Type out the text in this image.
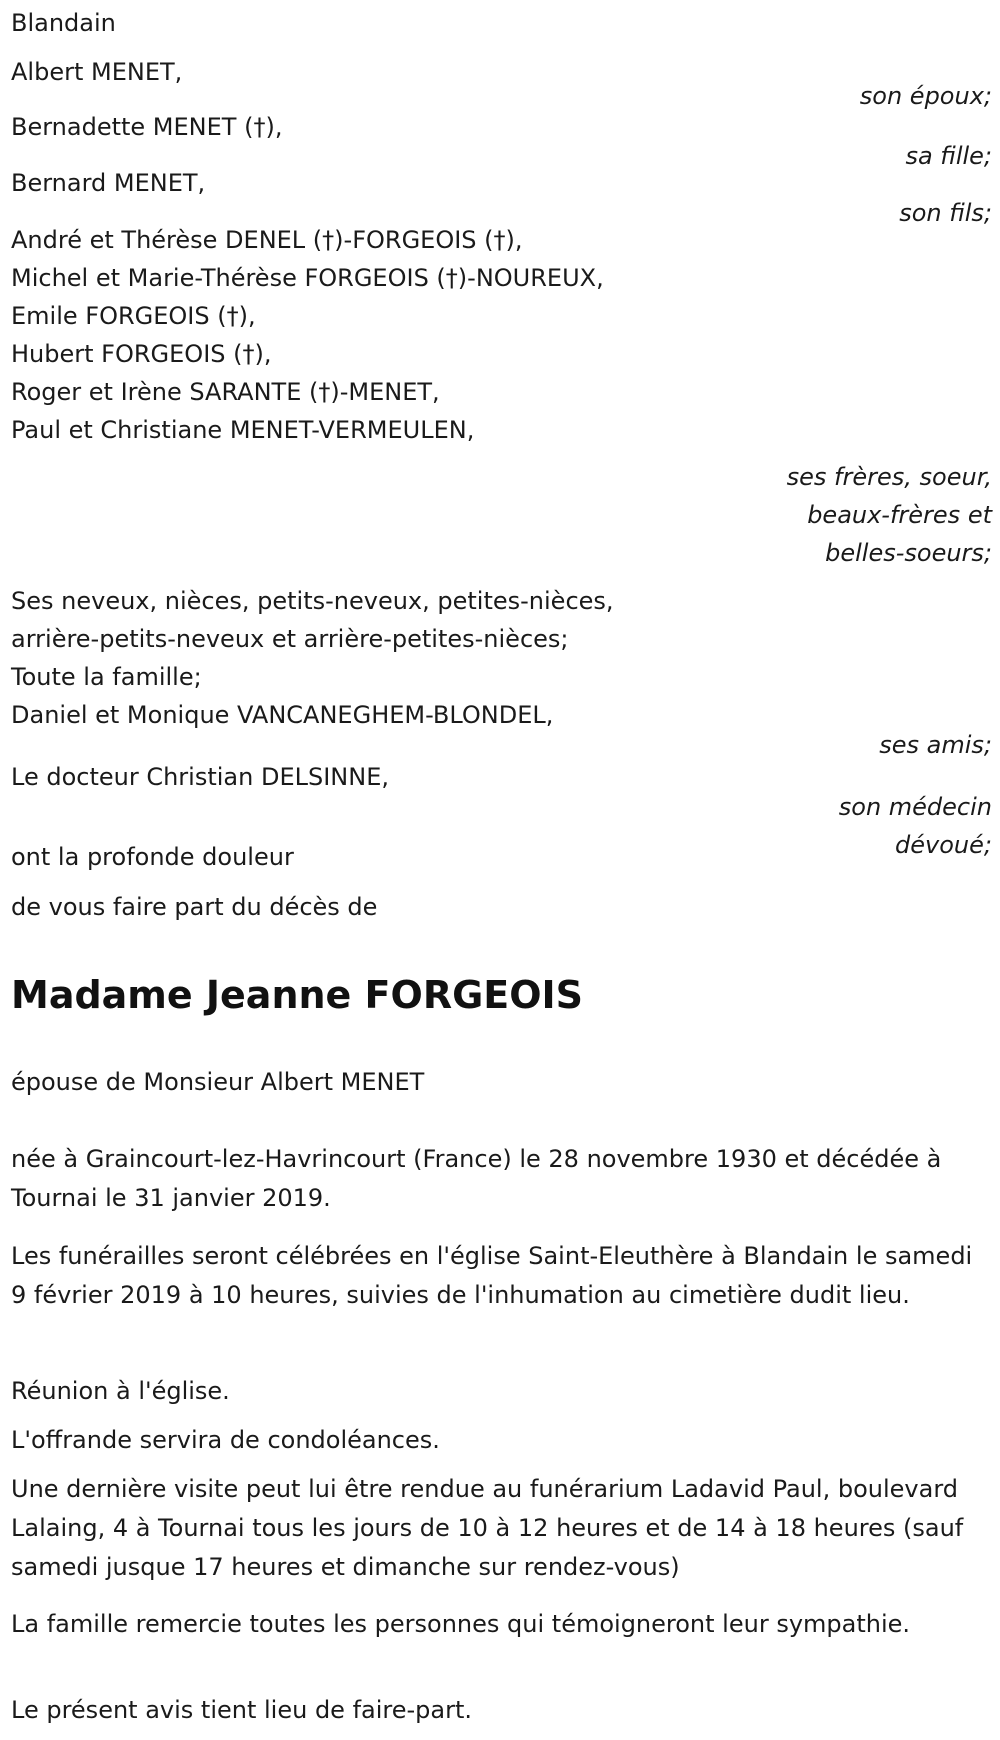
Blandain
Albert MENET,
son époux;
Bernadette MENET (†),
sa fille;
Bernard MENET,
son fils;
André et Thérèse DENEL (†)-FORGEOIS (†),
Michel et Marie-Thérèse FORGEOIS (†)-NOUREUX,
Emile FORGEOIS (†),
Hubert FORGEOIS (†),
Roger et Irène SARANTE (†)-MENET,
Paul et Christiane MENET-VERMEULEN,
ses frères, soeur,
beaux-frères et
belles-soeurs;
Ses neveux, nièces, petits-neveux, petites-nièces,
arrière-petits-neveux et arrière-petites-nièces;
Toute la famille;
Daniel et Monique VANCANEGHEM-BLONDEL,
ses amis;
Le docteur Christian DELSINNE,
son médecin
dévoué;
ont la profonde douleur
de vous faire part du décès de
Madame Jeanne FORGEOIS
épouse de Monsieur Albert MENET
née à Graincourt-lez-Havrincourt (France) le 28 novembre 1930 et décédée à Tournai le 31 janvier 2019.
Les funérailles seront célébrées en l'église Saint-Eleuthère à Blandain le samedi 9 février 2019 à 10 heures, suivies de l'inhumation au cimetière dudit lieu.
Réunion à l'église.
L'offrande servira de condoléances.
Une dernière visite peut lui être rendue au funérarium Ladavid Paul, boulevard Lalaing, 4 à Tournai tous les jours de 10 à 12 heures et de 14 à 18 heures (sauf samedi jusque 17 heures et dimanche sur rendez-vous)
La famille remercie toutes les personnes qui témoigneront leur sympathie.
Le présent avis tient lieu de faire-part.
